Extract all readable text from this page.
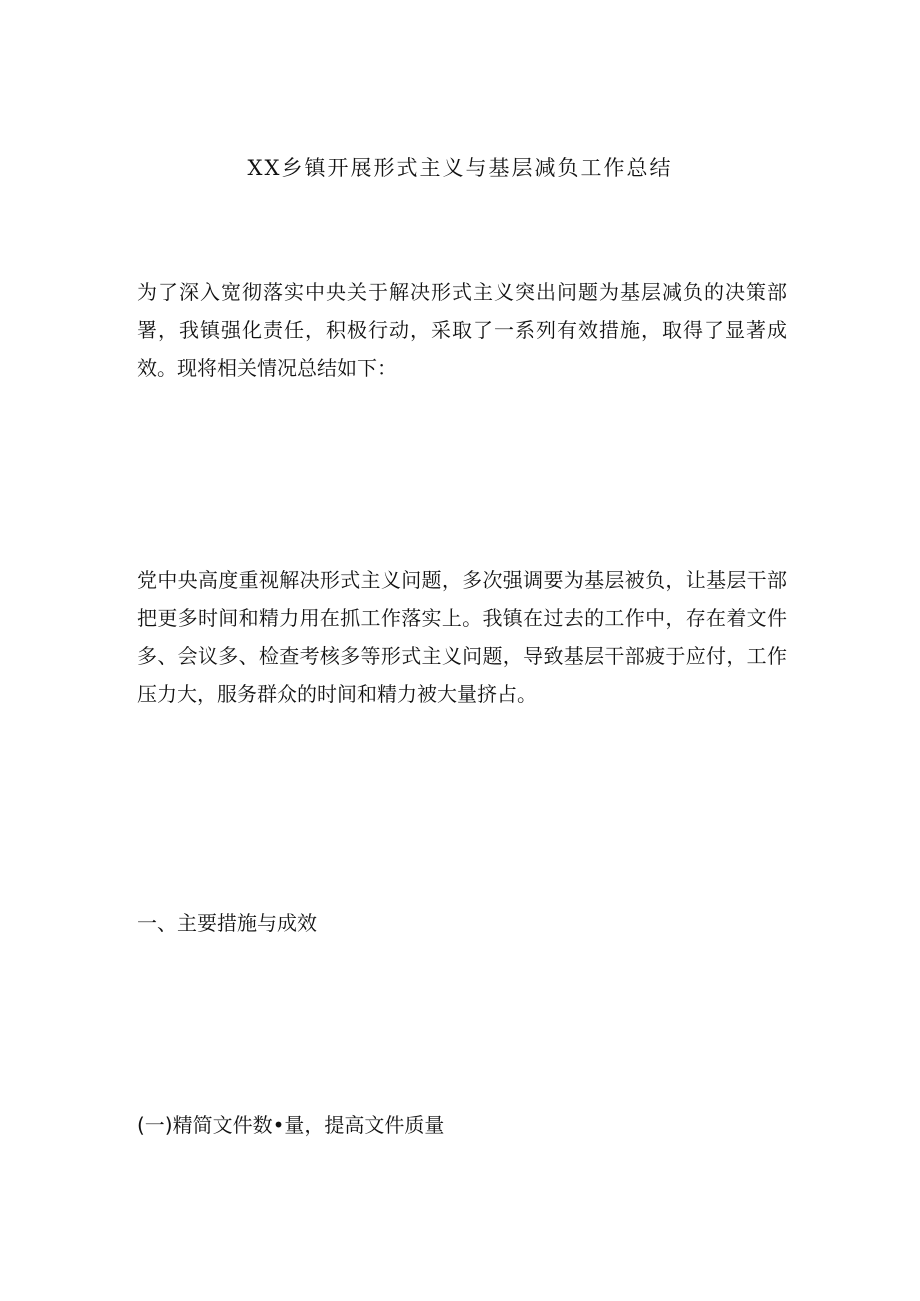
XX乡镇开展形式主义与基层减负工作总结

为了深入宽彻落实中央关于解决形式主义突出问题为基层减负的决策部署，我镇强化责任，积极行动，采取了一系列有效措施，取得了显著成效。现将相关情况总结如下：

党中央高度重视解决形式主义问题，多次强调要为基层被负，让基层干部把更多时间和精力用在抓工作落实上。我镇在过去的工作中，存在着文件多、会议多、检查考核多等形式主义问题，导致基层干部疲于应付，工作压力大，服务群众的时间和精力被大量挤占。

一、主要措施与成效
(一)精简文件数•量，提高文件质量
